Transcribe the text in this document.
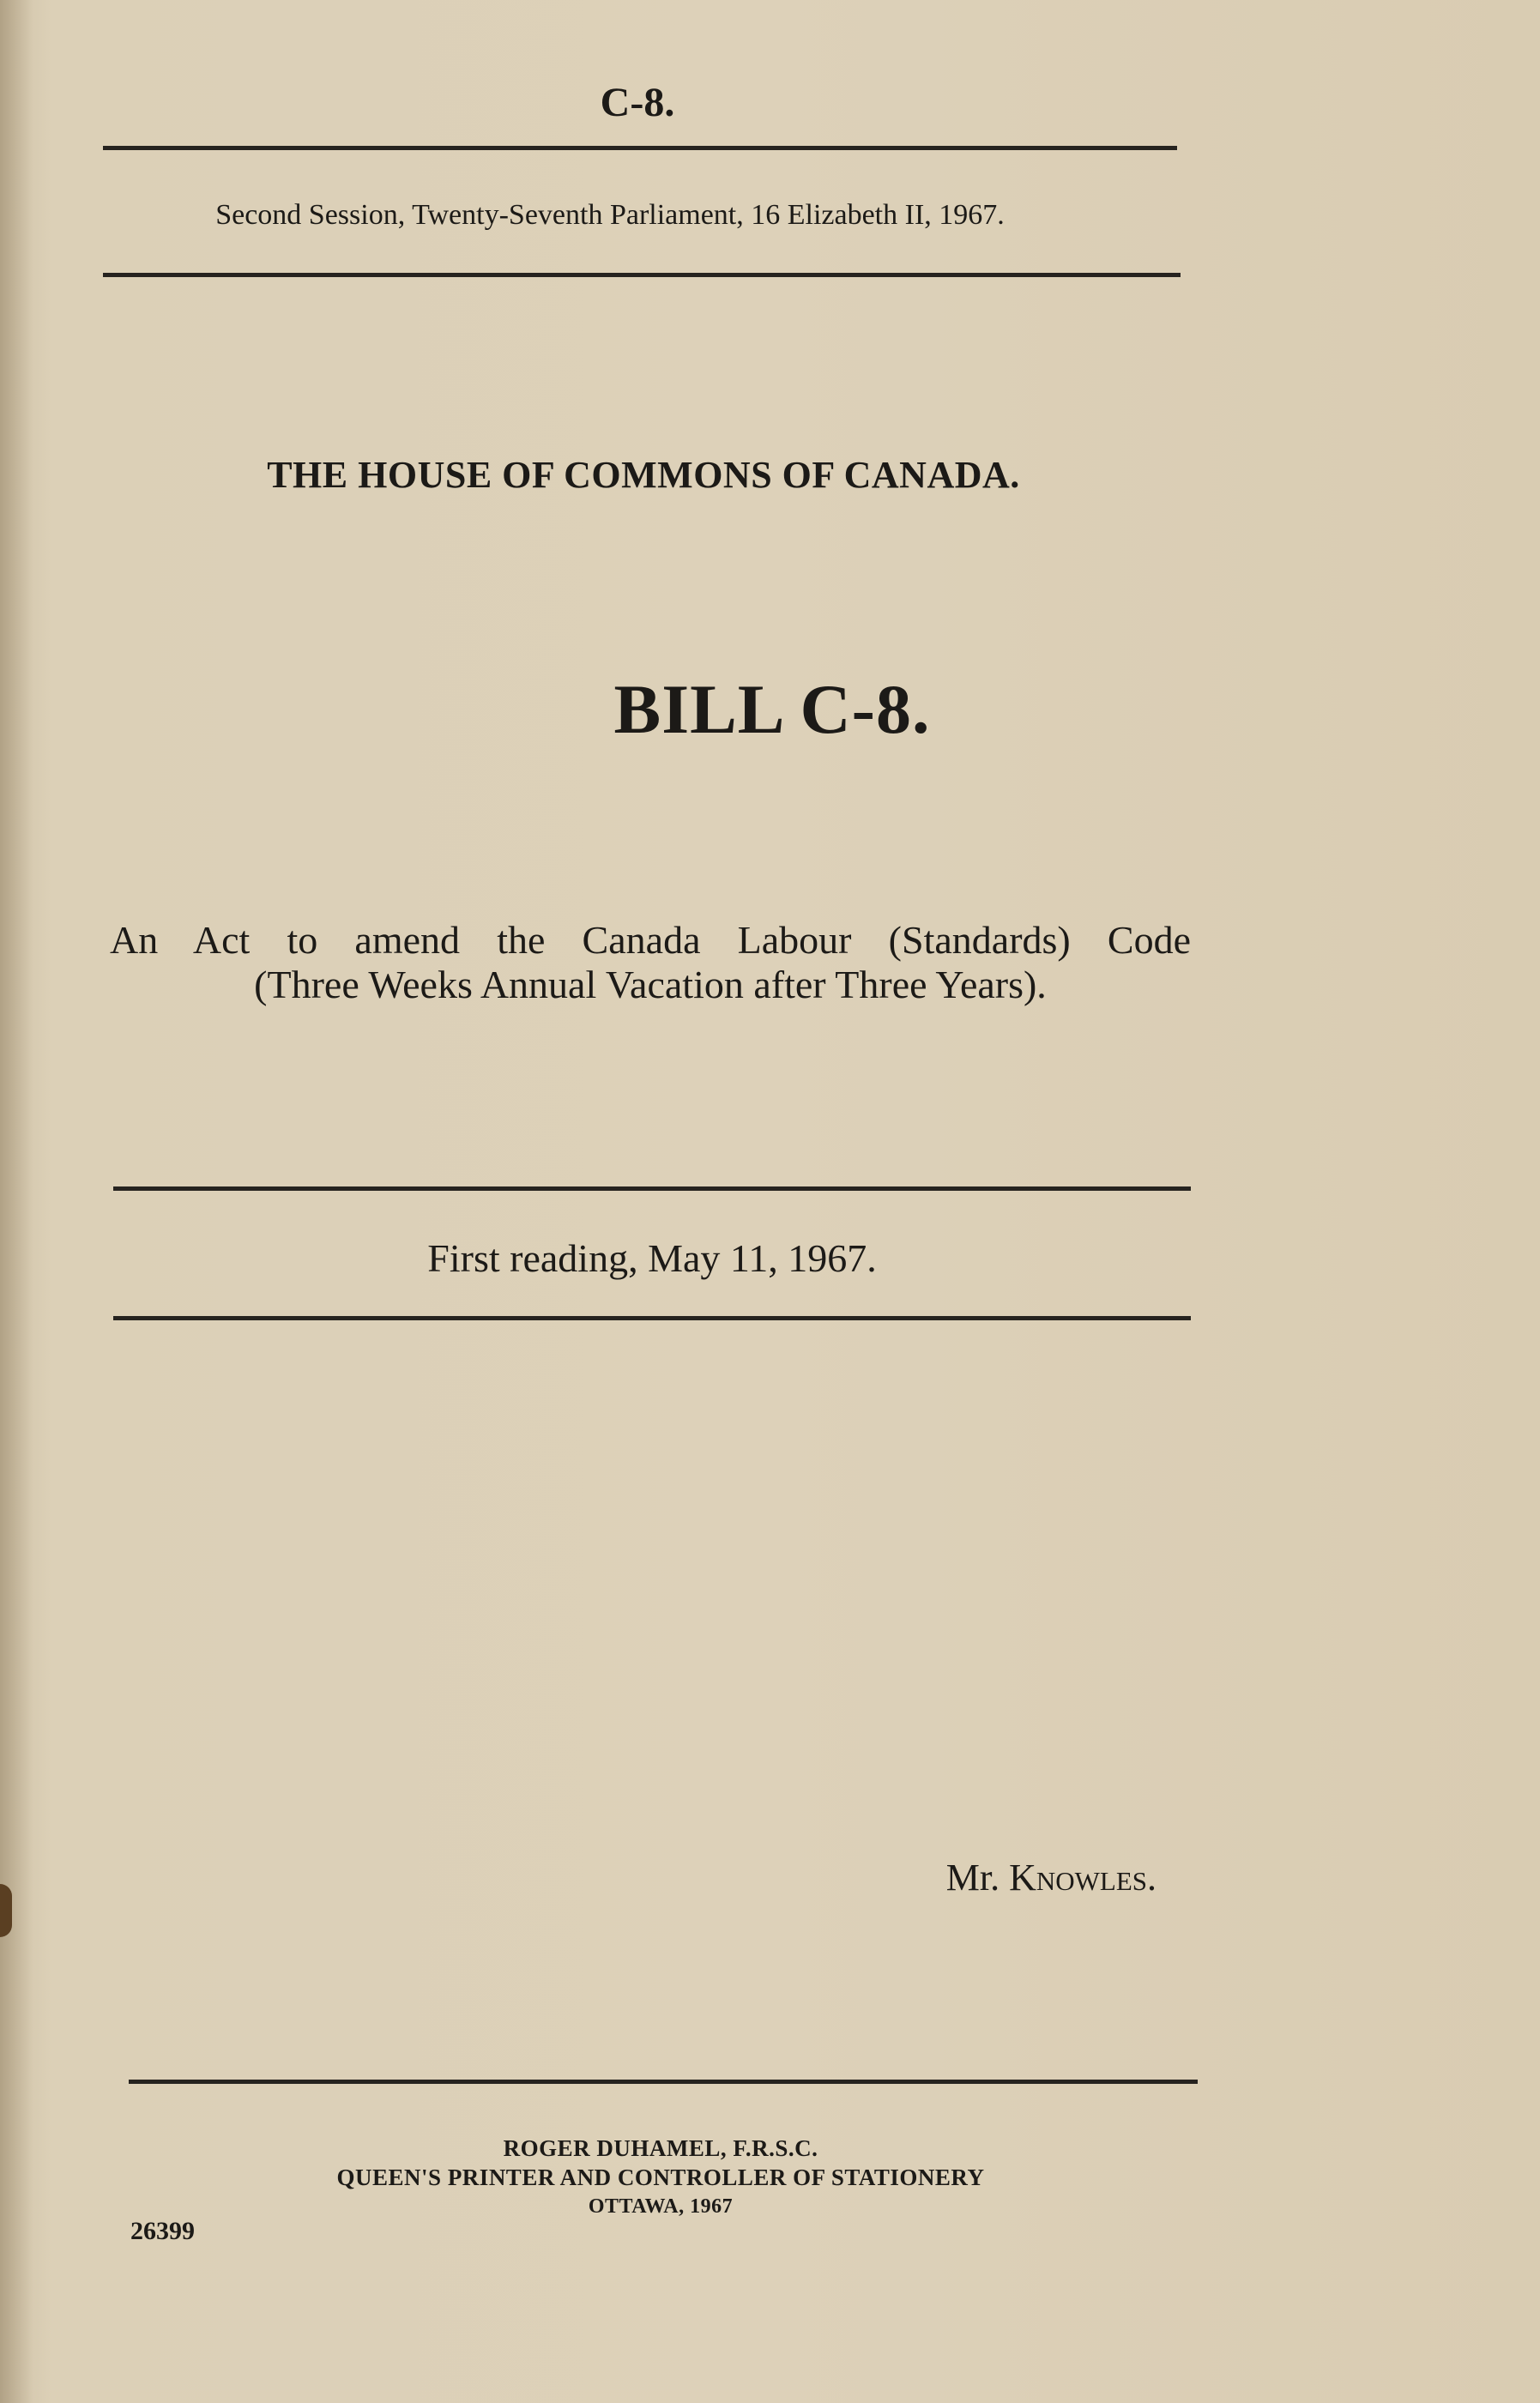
C-8.
Second Session, Twenty-Seventh Parliament, 16 Elizabeth II, 1967.
THE HOUSE OF COMMONS OF CANADA.
BILL C-8.
An Act to amend the Canada Labour (Standards) Code
(Three Weeks Annual Vacation after Three Years).
First reading, May 11, 1967.
Mr. Knowles.
ROGER DUHAMEL, F.R.S.C.
QUEEN'S PRINTER AND CONTROLLER OF STATIONERY
OTTAWA, 1967
26399
